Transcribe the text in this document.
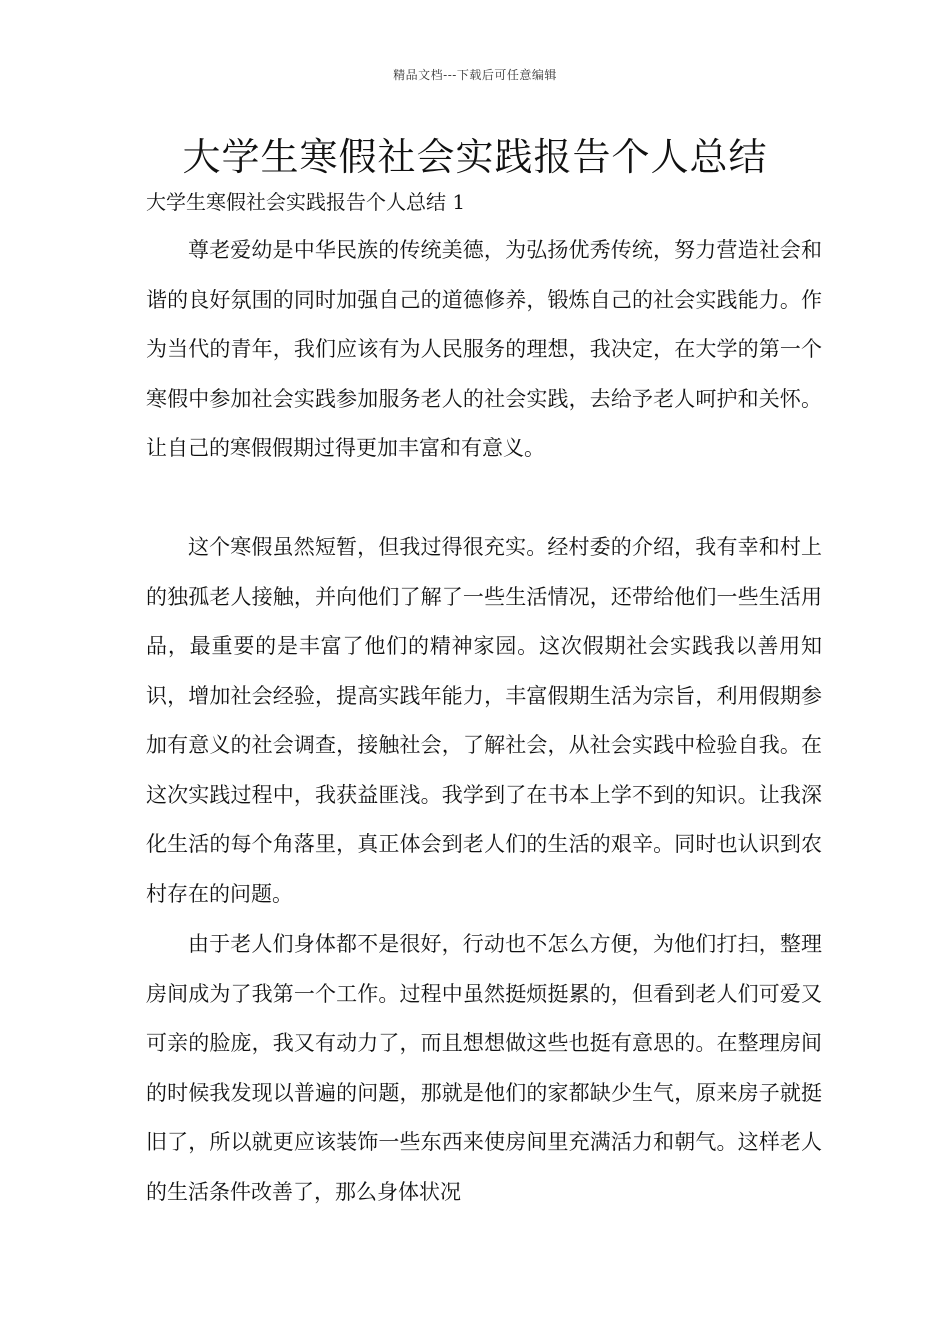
精品文档---下载后可任意编辑
大学生寒假社会实践报告个人总结
大学生寒假社会实践报告个人总结 1

尊老爱幼是中华民族的传统美德，为弘扬优秀传统，努力营造社会和谐的良好氛围的同时加强自己的道德修养，锻炼自己的社会实践能力。作为当代的青年，我们应该有为人民服务的理想，我决定，在大学的第一个寒假中参加社会实践参加服务老人的社会实践，去给予老人呵护和关怀。让自己的寒假假期过得更加丰富和有意义。

这个寒假虽然短暂，但我过得很充实。经村委的介绍，我有幸和村上的独孤老人接触，并向他们了解了一些生活情况，还带给他们一些生活用品，最重要的是丰富了他们的精神家园。这次假期社会实践我以善用知识，增加社会经验，提高实践年能力，丰富假期生活为宗旨，利用假期参加有意义的社会调查，接触社会，了解社会，从社会实践中检验自我。在这次实践过程中，我获益匪浅。我学到了在书本上学不到的知识。让我深化生活的每个角落里，真正体会到老人们的生活的艰辛。同时也认识到农村存在的问题。

由于老人们身体都不是很好，行动也不怎么方便，为他们打扫，整理房间成为了我第一个工作。过程中虽然挺烦挺累的，但看到老人们可爱又可亲的脸庞，我又有动力了，而且想想做这些也挺有意思的。在整理房间的时候我发现以普遍的问题，那就是他们的家都缺少生气，原来房子就挺旧了，所以就更应该装饰一些东西来使房间里充满活力和朝气。这样老人的生活条件改善了，那么身体状况
